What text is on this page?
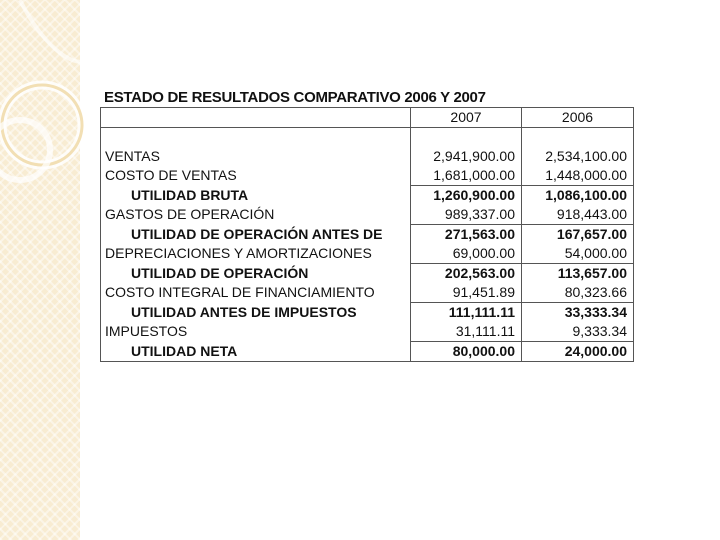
ESTADO DE RESULTADOS COMPARATIVO 2006 Y 2007
	2007	2006

VENTAS	2,941,900.00	2,534,100.00
COSTO DE VENTAS	1,681,000.00	1,448,000.00
UTILIDAD BRUTA	1,260,900.00	1,086,100.00
GASTOS DE OPERACIÓN	989,337.00	918,443.00
UTILIDAD DE OPERACIÓN ANTES DE	271,563.00	167,657.00
DEPRECIACIONES Y AMORTIZACIONES	69,000.00	54,000.00
UTILIDAD DE OPERACIÓN	202,563.00	113,657.00
COSTO INTEGRAL DE FINANCIAMIENTO	91,451.89	80,323.66
UTILIDAD ANTES DE IMPUESTOS	111,111.11	33,333.34
IMPUESTOS	31,111.11	9,333.34
UTILIDAD NETA	80,000.00	24,000.00
